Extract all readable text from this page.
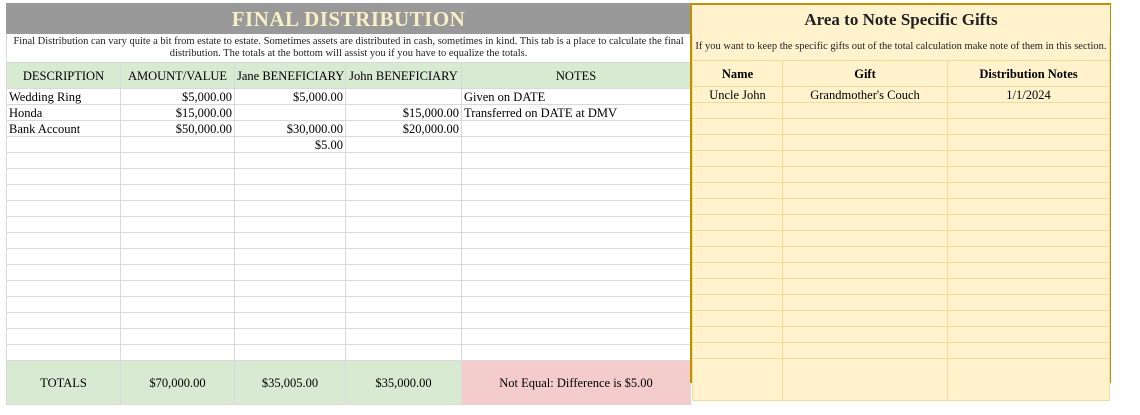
FINAL DISTRIBUTION				
Final Distribution can vary quite a bit from estate to estate. Sometimes assets are distributed in cash, sometimes in kind. This tab is a place to calculate the final distribution. The totals at the bottom will assist you if you have to equalize the totals.				
DESCRIPTION	AMOUNT/VALUE	Jane BENEFICIARY	John BENEFICIARY	NOTES
Wedding Ring	$5,000.00	$5,000.00		Given on DATE
Honda	$15,000.00		$15,000.00	Transferred on DATE at DMV
Bank Account	$50,000.00	$30,000.00	$20,000.00	
		$5.00		

TOTALS	$70,000.00	$35,005.00	$35,000.00	Not Equal: Difference is $5.00
Area to Note Specific Gifts		
If you want to keep the specific gifts out of the total calculation make note of them in this section.		
Name	Gift	Distribution Notes
Uncle John	Grandmother's Couch	1/1/2024
